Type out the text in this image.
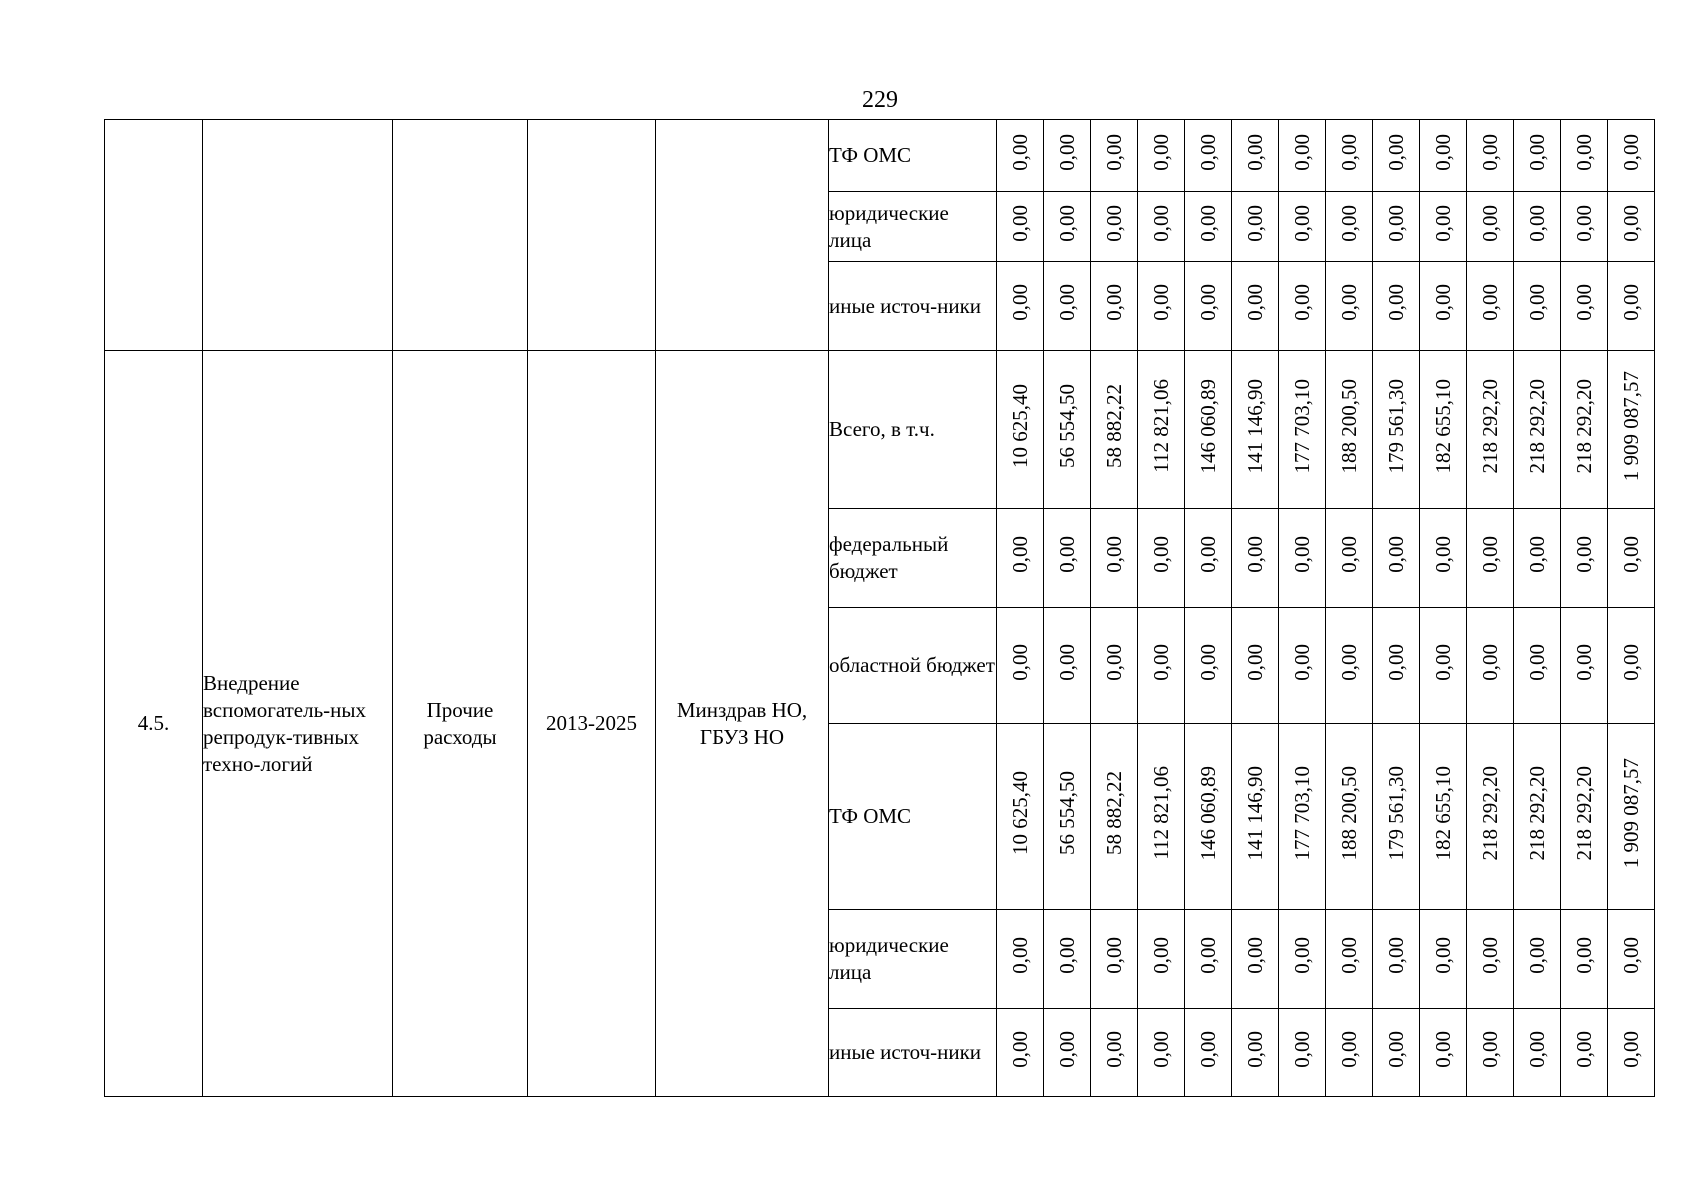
229

					ТФ ОМС	0,00	0,00	0,00	0,00	0,00	0,00	0,00	0,00	0,00	0,00	0,00	0,00	0,00	0,00

					юридические лица	0,00	0,00	0,00	0,00	0,00	0,00	0,00	0,00	0,00	0,00	0,00	0,00	0,00	0,00

					иные источ-ники	0,00	0,00	0,00	0,00	0,00	0,00	0,00	0,00	0,00	0,00	0,00	0,00	0,00	0,00

4.5.	Внедрение вспомогатель-ных репродук-тивных техно-логий	Прочие расходы	2013-2025	Минздрав НО, ГБУЗ НО	Всего, в т.ч.	10 625,40	56 554,50	58 882,22	112 821,06	146 060,89	141 146,90	177 703,10	188 200,50	179 561,30	182 655,10	218 292,20	218 292,20	218 292,20	1 909 087,57

					федеральный бюджет	0,00	0,00	0,00	0,00	0,00	0,00	0,00	0,00	0,00	0,00	0,00	0,00	0,00	0,00

					областной бюджет	0,00	0,00	0,00	0,00	0,00	0,00	0,00	0,00	0,00	0,00	0,00	0,00	0,00	0,00

					ТФ ОМС	10 625,40	56 554,50	58 882,22	112 821,06	146 060,89	141 146,90	177 703,10	188 200,50	179 561,30	182 655,10	218 292,20	218 292,20	218 292,20	1 909 087,57

					юридические лица	0,00	0,00	0,00	0,00	0,00	0,00	0,00	0,00	0,00	0,00	0,00	0,00	0,00	0,00

					иные источ-ники	0,00	0,00	0,00	0,00	0,00	0,00	0,00	0,00	0,00	0,00	0,00	0,00	0,00	0,00
